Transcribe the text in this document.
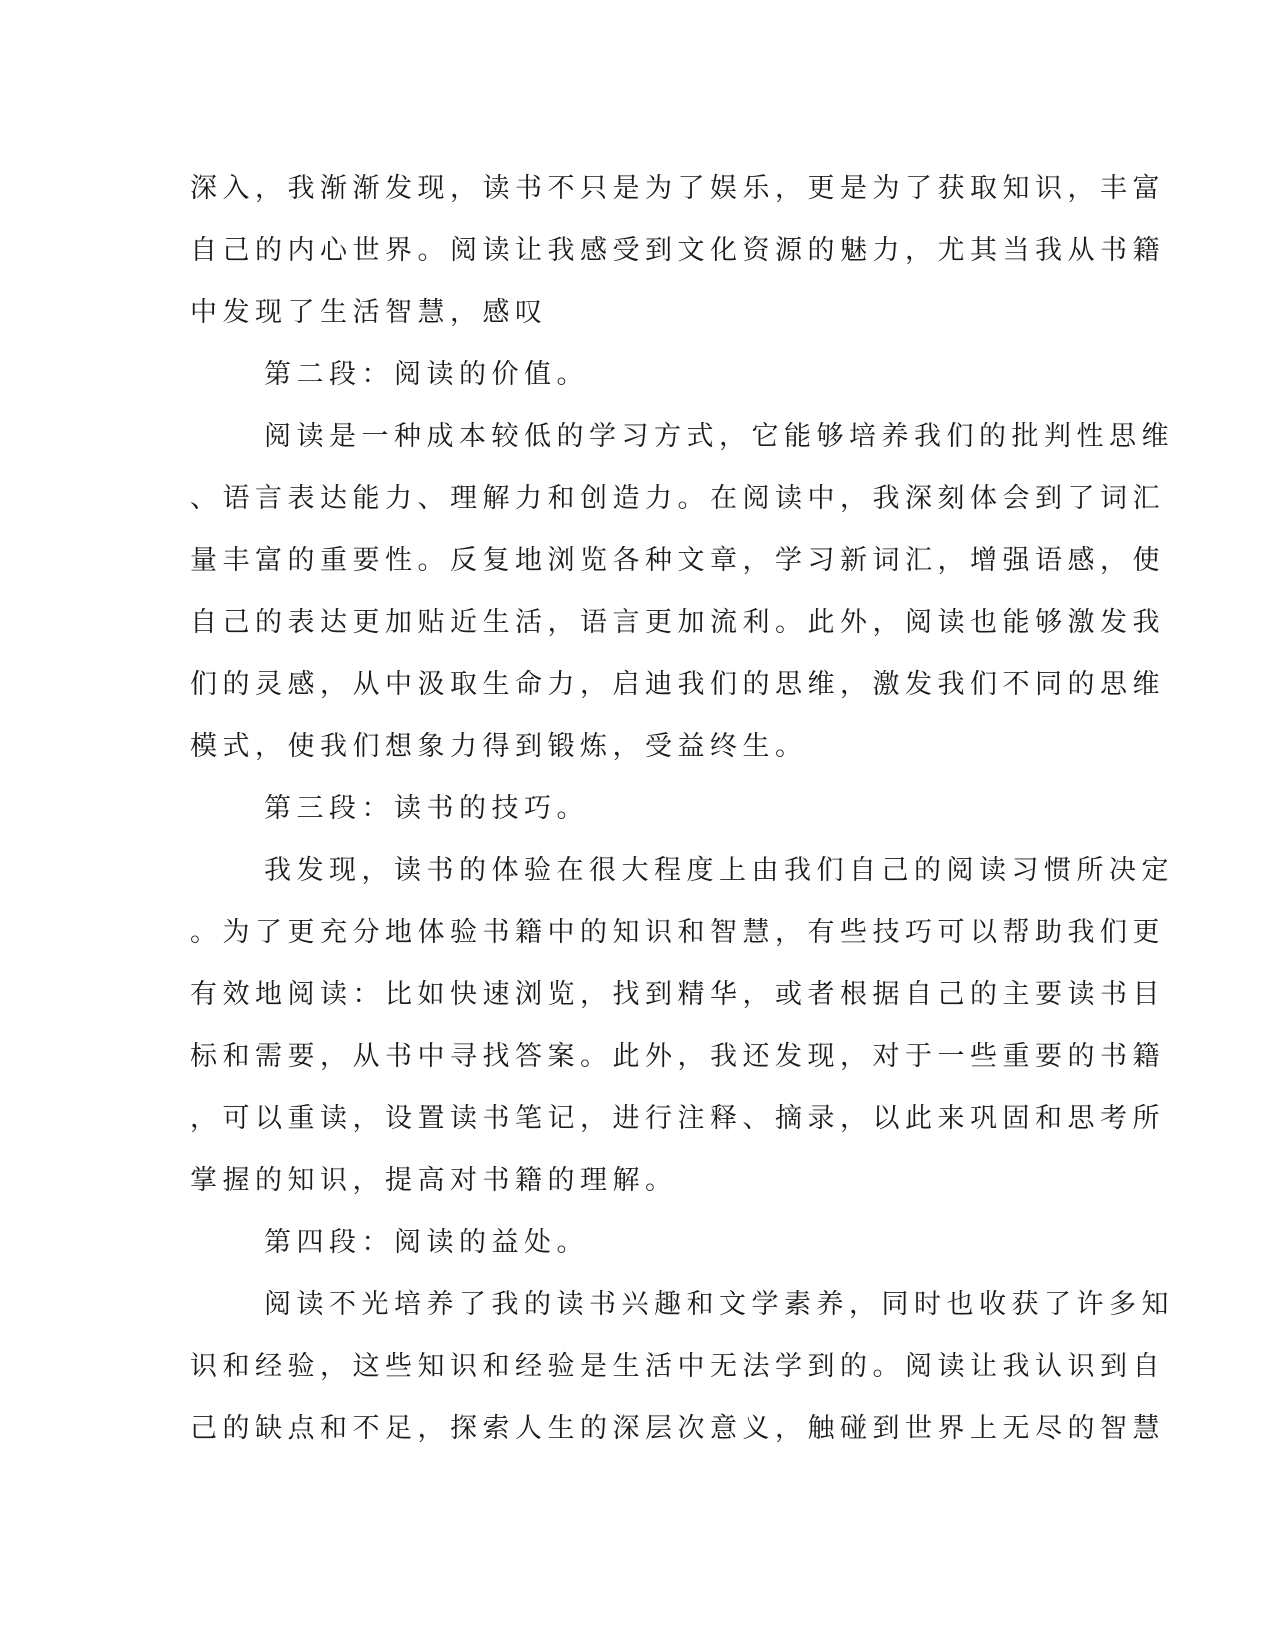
深入，我渐渐发现，读书不只是为了娱乐，更是为了获取知识，丰富
自己的内心世界。阅读让我感受到文化资源的魅力，尤其当我从书籍
中发现了生活智慧，感叹
第二段：阅读的价值。
阅读是一种成本较低的学习方式，它能够培养我们的批判性思维
、语言表达能力、理解力和创造力。在阅读中，我深刻体会到了词汇
量丰富的重要性。反复地浏览各种文章，学习新词汇，增强语感，使
自己的表达更加贴近生活，语言更加流利。此外，阅读也能够激发我
们的灵感，从中汲取生命力，启迪我们的思维，激发我们不同的思维
模式，使我们想象力得到锻炼，受益终生。
第三段：读书的技巧。
我发现，读书的体验在很大程度上由我们自己的阅读习惯所决定
。为了更充分地体验书籍中的知识和智慧，有些技巧可以帮助我们更
有效地阅读：比如快速浏览，找到精华，或者根据自己的主要读书目
标和需要，从书中寻找答案。此外，我还发现，对于一些重要的书籍
，可以重读，设置读书笔记，进行注释、摘录，以此来巩固和思考所
掌握的知识，提高对书籍的理解。
第四段：阅读的益处。
阅读不光培养了我的读书兴趣和文学素养，同时也收获了许多知
识和经验，这些知识和经验是生活中无法学到的。阅读让我认识到自
己的缺点和不足，探索人生的深层次意义，触碰到世界上无尽的智慧
